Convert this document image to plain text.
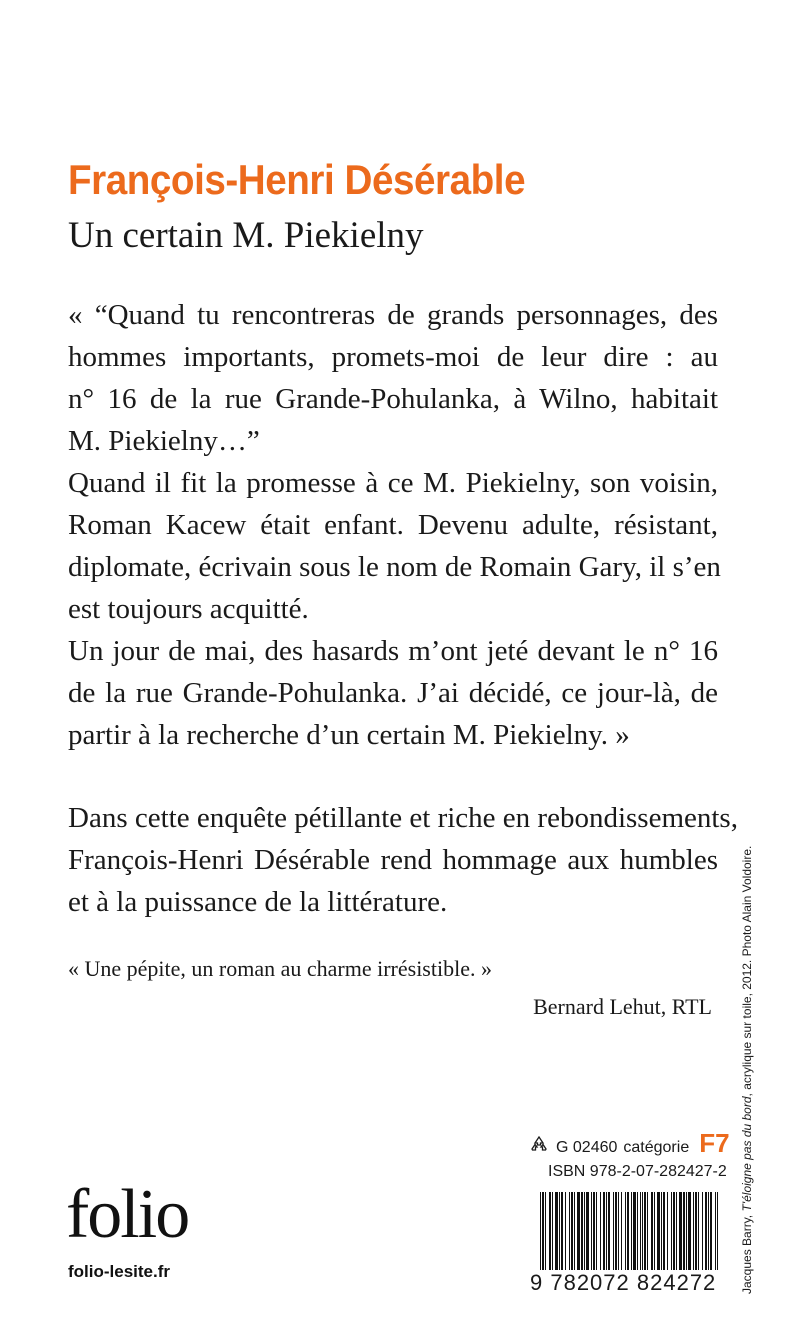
François-Henri Désérable
Un certain M. Piekielny

« “Quand tu rencontreras de grands personnages, des
hommes importants, promets-moi de leur dire : au
n° 16 de la rue Grande-Pohulanka, à Wilno, habitait
M. Piekielny…”

Quand il fit la promesse à ce M. Piekielny, son voisin,
Roman Kacew était enfant. Devenu adulte, résistant,
diplomate, écrivain sous le nom de Romain Gary, il s’en
est toujours acquitté.

Un jour de mai, des hasards m’ont jeté devant le n° 16
de la rue Grande-Pohulanka. J’ai décidé, ce jour-là, de
partir à la recherche d’un certain M. Piekielny. »

Dans cette enquête pétillante et riche en rebondissements,
François-Henri Désérable rend hommage aux humbles
et à la puissance de la littérature.

« Une pépite, un roman au charme irrésistible. »
Bernard Lehut, RTL
Jacques Barry, T'éloigne pas du bord, acrylique sur toile, 2012. Photo Alain Voldoire.
G 02460 catégorie F7
ISBN 978-2-07-282427-2
9 782072 824272
folio
folio-lesite.fr
